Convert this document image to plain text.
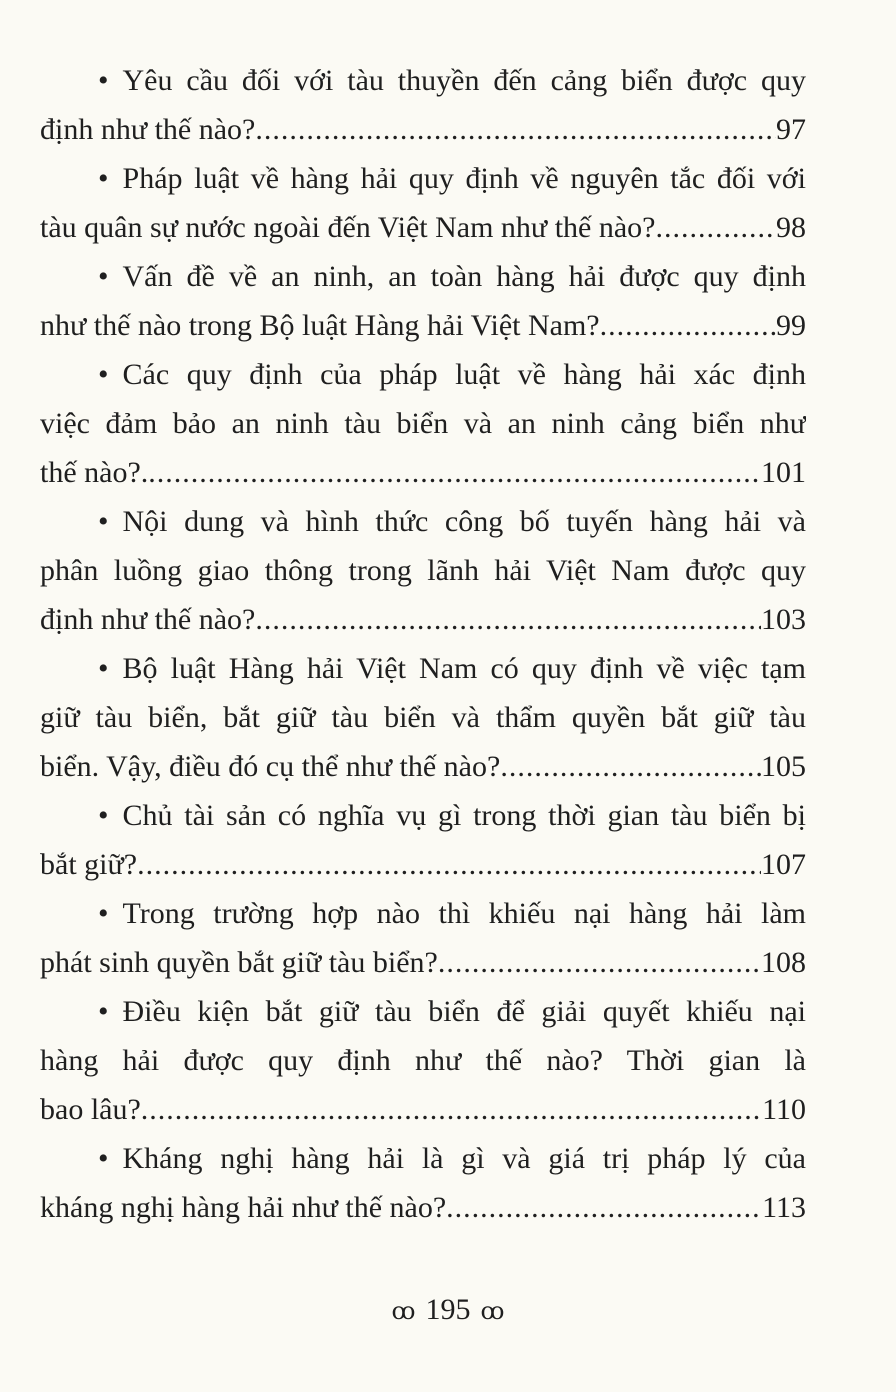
• Yêu cầu đối với tàu thuyền đến cảng biển được quy
định như thế nào? .....	97
• Pháp luật về hàng hải quy định về nguyên tắc đối với
tàu quân sự nước ngoài đến Việt Nam như thế nào? .....	98
• Vấn đề về an ninh, an toàn hàng hải được quy định
như thế nào trong Bộ luật Hàng hải Việt Nam? .....	99
• Các quy định của pháp luật về hàng hải xác định
việc đảm bảo an ninh tàu biển và an ninh cảng biển như
thế nào?. .....	101
• Nội dung và hình thức công bố tuyến hàng hải và
phân luồng giao thông trong lãnh hải Việt Nam được quy
định như thế nào? .....	103
• Bộ luật Hàng hải Việt Nam có quy định về việc tạm
giữ tàu biển, bắt giữ tàu biển và thẩm quyền bắt giữ tàu
biển. Vậy, điều đó cụ thể như thế nào? .....	105
• Chủ tài sản có nghĩa vụ gì trong thời gian tàu biển bị
bắt giữ? .....	107
• Trong trường hợp nào thì khiếu nại hàng hải làm
phát sinh quyền bắt giữ tàu biển? .....	108
• Điều kiện bắt giữ tàu biển để giải quyết khiếu nại
hàng hải được quy định như thế nào? Thời gian là
bao lâu? .....	110
• Kháng nghị hàng hải là gì và giá trị pháp lý của
kháng nghị hàng hải như thế nào? .....	113
ꝏ 195 ꝏ
